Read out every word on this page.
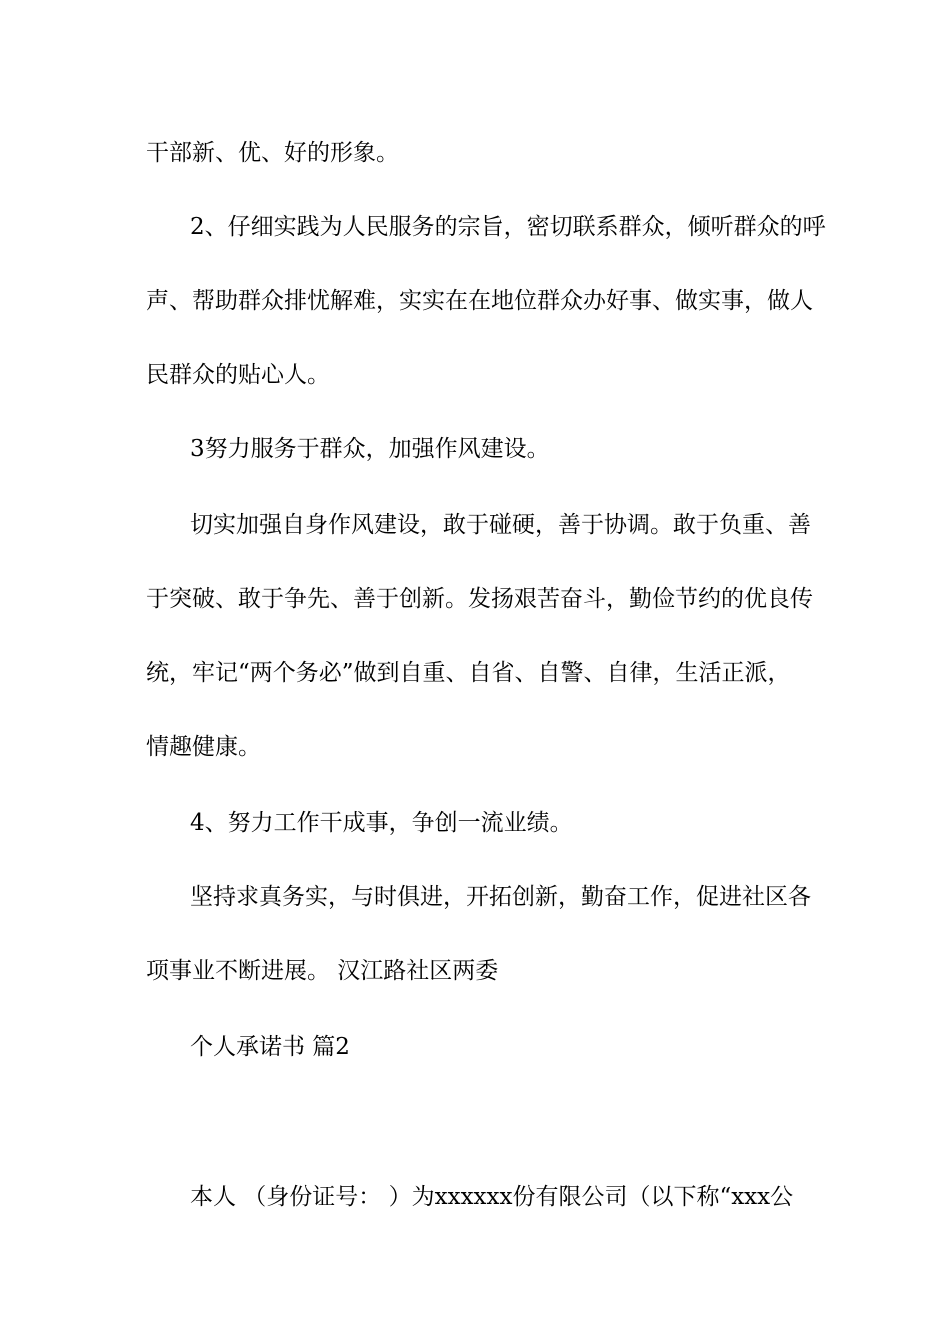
干部新、优、好的形象。
2、仔细实践为人民服务的宗旨，密切联系群众，倾听群众的呼
声、帮助群众排忧解难，实实在在地位群众办好事、做实事，做人
民群众的贴心人。
3努力服务于群众，加强作风建设。
切实加强自身作风建设，敢于碰硬，善于协调。敢于负重、善
于突破、敢于争先、善于创新。发扬艰苦奋斗，勤俭节约的优良传
统，牢记“两个务必”做到自重、自省、自警、自律，生活正派，
情趣健康。
4、努力工作干成事，争创一流业绩。
坚持求真务实，与时俱进，开拓创新，勤奋工作，促进社区各
项事业不断进展。 汉江路社区两委
个人承诺书 篇2
本人 （身份证号： ）为xxxxxx份有限公司（以下称“xxx公
